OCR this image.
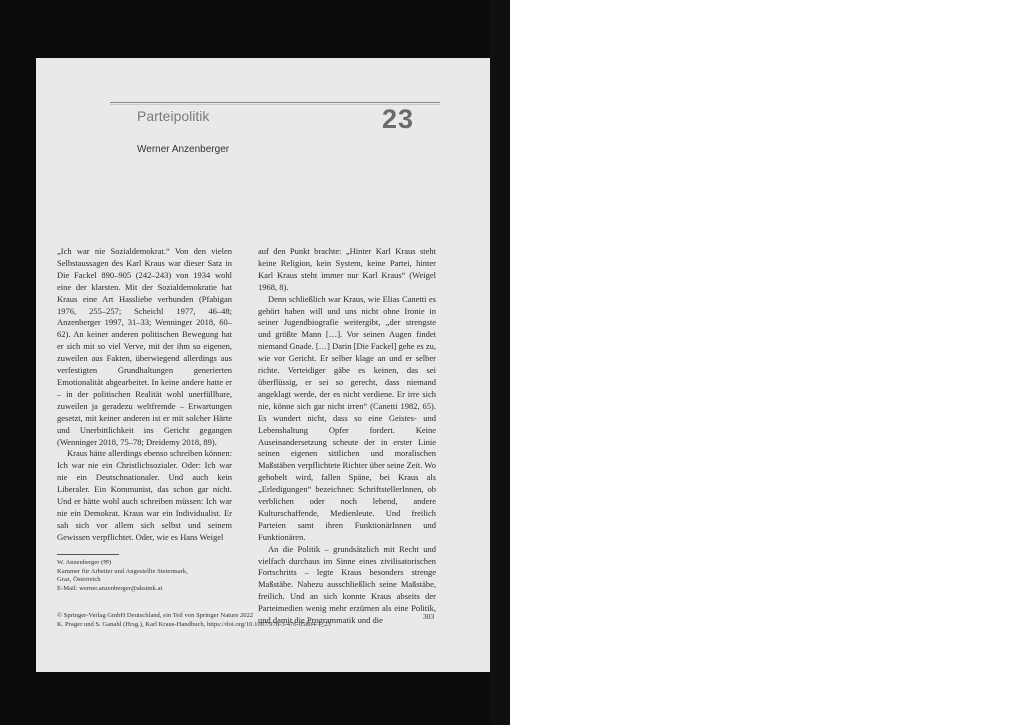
Parteipolitik	23
Werner Anzenberger

„Ich war nie Sozialdemokrat.“ Von den vielen Selbstaussagen des Karl Kraus war dieser Satz in Die Fackel 890–905 (242–243) von 1934 wohl eine der klarsten. Mit der Sozialdemokratie hat Kraus eine Art Hassliebe verbunden (Pfabigan 1976, 255–257; Scheichl 1977, 46–48; Anzenberger 1997, 31–33; Wenninger 2018, 60–62). An keiner anderen politischen Bewegung hat er sich mit so viel Verve, mit der ihm so eigenen, zuweilen aus Fakten, überwiegend allerdings aus verfestigten Grundhaltungen generierten Emotionalität abgearbeitet. In keine andere hatte er – in der politischen Realität wohl unerfüllbare, zuweilen ja geradezu weltfremde – Erwartungen gesetzt, mit keiner anderen ist er mit solcher Härte und Unerbittlichkeit ins Gericht gegangen (Wenninger 2018, 75–78; Dreidemy 2018, 89).

Kraus hätte allerdings ebenso schreiben können: Ich war nie ein Christlichsozialer. Oder: Ich war nie ein Deutschnationaler. Und auch kein Liberaler. Ein Kommunist, das schon gar nicht. Und er hätte wohl auch schreiben müssen: Ich war nie ein Demokrat. Kraus war ein Individualist. Er sah sich vor allem sich selbst und seinem Gewissen verpflichtet. Oder, wie es Hans Weigel

auf den Punkt brachte: „Hinter Karl Kraus steht keine Religion, kein System, keine Partei, hinter Karl Kraus steht immer nur Karl Kraus“ (Weigel 1968, 8).

Denn schließlich war Kraus, wie Elias Canetti es gehört haben will und uns nicht ohne Ironie in seiner Jugendbiografie weitergibt, „der strengste und größte Mann […]. Vor seinen Augen findet niemand Gnade. […] Darin [Die Fackel] gehe es zu, wie vor Gericht. Er selber klage an und er selber richte. Verteidiger gäbe es keinen, das sei überflüssig, er sei so gerecht, dass niemand angeklagt werde, der es nicht verdiene. Er irre sich nie, könne sich gar nicht irren“ (Canetti 1982, 65). Es wundert nicht, dass so eine Geistes- und Lebenshaltung Opfer fordert. Keine Auseinandersetzung scheute der in erster Linie seinen eigenen sittlichen und moralischen Maßstäben verpflichtete Richter über seine Zeit. Wo gehobelt wird, fallen Späne, bei Kraus als „Erledigungen“ bezeichnet: SchriftstellerInnen, ob verblichen oder noch lebend, andere Kulturschaffende, Medienleute. Und freilich Parteien samt ihren FunktionärInnen und Funktionären.

An die Politik – grundsätzlich mit Recht und vielfach durchaus im Sinne eines zivilisatorischen Fortschritts – legte Kraus besonders strenge Maßstäbe. Nahezu ausschließlich seine Maßstäbe, freilich. Und an sich konnte Kraus abseits der Parteimedien wenig mehr erzürnen als eine Politik, und damit die Programmatik und die

W. Anzenberger (✉)
Kammer für Arbeiter und Angestellte Steiermark,
Graz, Österreich
E-Mail: werner.anzenberger@akstmk.at
© Springer-Verlag GmbH Deutschland, ein Teil von Springer Nature 2022
K. Prager und S. Ganahl (Hrsg.), Karl Kraus-Handbuch, https://doi.org/10.1007/978-3-476-05804-1_23
303
